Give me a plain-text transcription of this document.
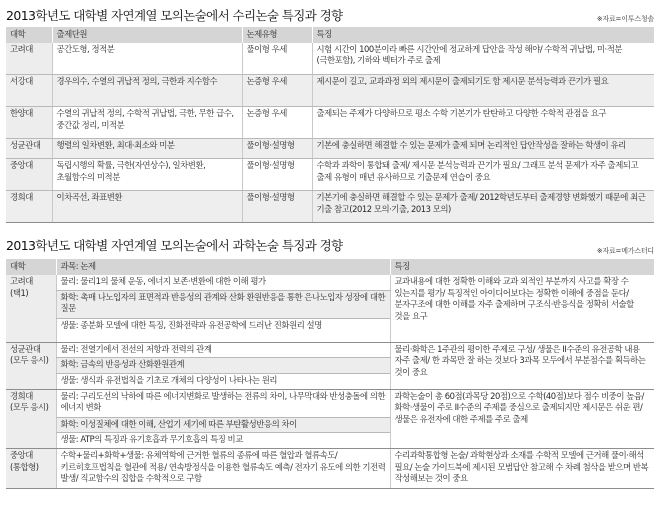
2013학년도 대학별 자연계열 모의논술에서 수리논술 특징과 경향	※자료=이투스청솔
대학	출제단원	논제유형	특징
고려대	공간도형, 정적분	풀이형 우세	시험 시간이 100분이라 빠른 시간안에 정교하게 답안을 작성 해야/ 수학적 귀납법, 미·적분(극한포함), 기하와 벡터가 주로 출제
서강대	경우의수, 수열의 귀납적 정의, 극한과 지수함수	논증형 우세	제시문이 길고, 교과과정 외의 제시문이 출제되기도 함 제시문 분석능력과 끈기가 필요
한양대	수열의 귀납적 정의, 수학적 귀납법, 극한, 무한 급수, 중간값 정리, 미적분	논증형 우세	출제되는 주제가 다양하므로 평소 수학 기본기가 탄탄하고 다양한 수학적 관점을 요구
성균관대	행렬의 일차변환, 최대·최소와 미분	풀이형·설명형	기본에 충실하면 해결할 수 있는 문제가 출제 되며 논리적인 답안작성을 잘하는 학생이 유리
중앙대	독립시행의 확률, 극한(자연상수), 일차변환, 초월함수의 미적분	풀이형·설명형	수학과 과학이 통합돼 출제/ 제시문 분석능력과 끈기가 필요/ 그래프 분석 문제가 자주 출제되고 출제 유형이 매년 유사하므로 기출문제 연습이 중요
경희대	이차곡선, 좌표변환	풀이형·설명형	기본기에 충실하면 해결할 수 있는 문제가 출제/ 2012학년도부터 출제경향 변화했기 때문에 최근 기출 참고(2012 모의·기출, 2013 모의)
2013학년도 대학별 자연계열 모의논술에서 과학논술 특징과 경향	※자료=메가스터디
대학	과목: 논제	특징

고려대
(택1)	물리: 물리1의 물체 운동, 에너지 보존·변환에 대한 이해 평가	교과내용에 대한 정확한 이해와 교과 외적인 부분까지 사고를 확장 수 있는지를 평가/ 특징적인 아이디어보다는 정확한 이해에 중점을 둔다/ 분자구조에 대한 이해를 자주 출제하며 구조식·반응식을 정확히 서술할 것을 요구
	화학: 촉매 나노입자의 표면적과 반응성의 관계와 산화 환원반응을 통한 은나노입자 성장에 대한 질문	
	생물: 종분화 모델에 대한 특징, 진화전략과 유전공학에 드러난 진화원리 설명	

성균관대
(모두 응시)	물리: 전열기에서 전선의 저항과 전력의 관계	물리·화학은 1주관의 평이한 주제로 구성/ 생물은 II수준의 유전공학 내용 자주 출제/ 한 과목만 잘 하는 것보다 3과목 모두에서 부분점수를 획득하는 것이 중요
	화학: 금속의 반응성과 산화환원관계	
	생물: 생식과 유전법칙을 기초로 개체의 다양성이 나타나는 원리	

경희대
(모두 응시)	물리: 구리도선의 낙하에 따른 에너지변화로 발생하는 전류의 차이, 나무막대와 반성충돌에 의한 에너지 변화	과학논술이 총 60점(과목당 20점)으로 수학(40점)보다 점수 비중이 높음/ 화학·생물이 주로 II수준의 주제를 중심으로 출제되지만 제시문은 쉬운 편/ 생물은 유전자에 대한 주제를 주로 출제
	화학: 이성질체에 대한 이해, 산업기 세기에 따른 부탄활성반응의 차이	
	생물: ATP의 특징과 유기호흡과 무기호흡의 특징 비교	

중앙대
(통합형)	수학+물리+화학+생물: 유체역학에 근거한 혈류의 종류에 따른 혈압과 혈류속도/ 키르히호프법칙을 혈관에 적용/ 연속방정식을 이용한 혈류속도 예측/ 전자기 유도에 의한 기전력 발생/ 직교함수의 집합을 수학적으로 구함	수리과학통합형 논술/ 과학현상과 소재를 수학적 모델에 근거해 풀이·해석 필요/ 논술 가이드북에 제시된 모범답안 참고해 수 차례 첨삭을 받으며 반복 작성해보는 것이 중요
